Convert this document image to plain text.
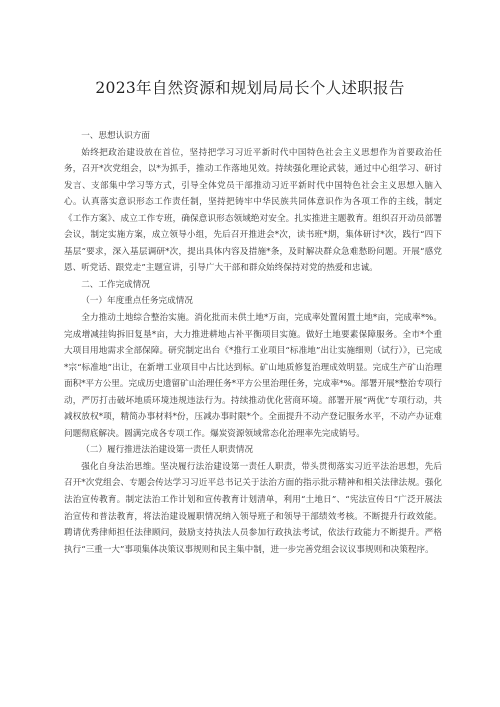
2023年自然资源和规划局局长个人述职报告

一、思想认识方面

始终把政治建设放在首位，坚持把学习习近平新时代中国特色社会主义思想作为首要政治任务，召开*次党组会，以*为抓手，推动工作落地见效。持续强化理论武装，通过中心组学习、研讨发言、支部集中学习等方式，引导全体党员干部推动习近平新时代中国特色社会主义思想入脑入心。认真落实意识形态工作责任制，坚持把铸牢中华民族共同体意识作为各项工作的主线，制定《工作方案》、成立工作专班，确保意识形态领域绝对安全。扎实推进主题教育。组织召开动员部署会议，制定实施方案，成立领导小组，先后召开推进会*次，读书班*期，集体研讨*次，践行“四下基层”要求，深入基层调研*次，提出具体内容及措施*条，及时解决群众急难愁盼问题。开展“感党恩、听党话、跟党走”主题宣讲，引导广大干部和群众始终保持对党的热爱和忠诚。

二、工作完成情况

（一）年度重点任务完成情况

全力推动土地综合整治实施。消化批而未供土地*万亩，完成率处置闲置土地*亩，完成率*%。完成增减挂钩拆旧复垦*亩，大力推进耕地占补平衡项目实施。做好土地要素保障服务。全市*个重大项目用地需求全部保障。研究制定出台《*推行工业项目“标准地”出让实施细则（试行）》，已完成*宗“标准地”出让，在新增工业项目中占比达到标。矿山地质修复治理成效明显。完成生产矿山治理面积*平方公里。完成历史遗留矿山治理任务*平方公里治理任务，完成率*%。部署开展*整治专项行动，严厉打击破坏地质环境违规违法行为。持续推动优化营商环境。部署开展“两优”专项行动，共减权放权*项，精简办事材料*份，压减办事时限*个。全面提升不动产登记服务水平，不动产办证难问题彻底解决。圆满完成各专项工作。爆炭资源领域常态化治理率先完成销号。

（二）履行推进法治建设第一责任人职责情况

强化自身法治思维。坚决履行法治建设第一责任人职责，带头贯彻落实习近平法治思想，先后召开*次党组会、专题会传达学习习近平总书记关于法治方面的指示批示精神和相关法律法规。强化法治宣传教育。制定法治工作计划和宣传教育计划清单，利用“土地日”、“宪法宣传日”广泛开展法治宣传和普法教育，将法治建设履职情况纳入领导班子和领导干部绩效考核。不断提升行政效能。聘请优秀律师担任法律顾问，鼓励支持执法人员参加行政执法考试，依法行政能力不断提升。严格执行“三重一大”事项集体决策议事规则和民主集中制，进一步完善党组会议议事规则和决策程序。
